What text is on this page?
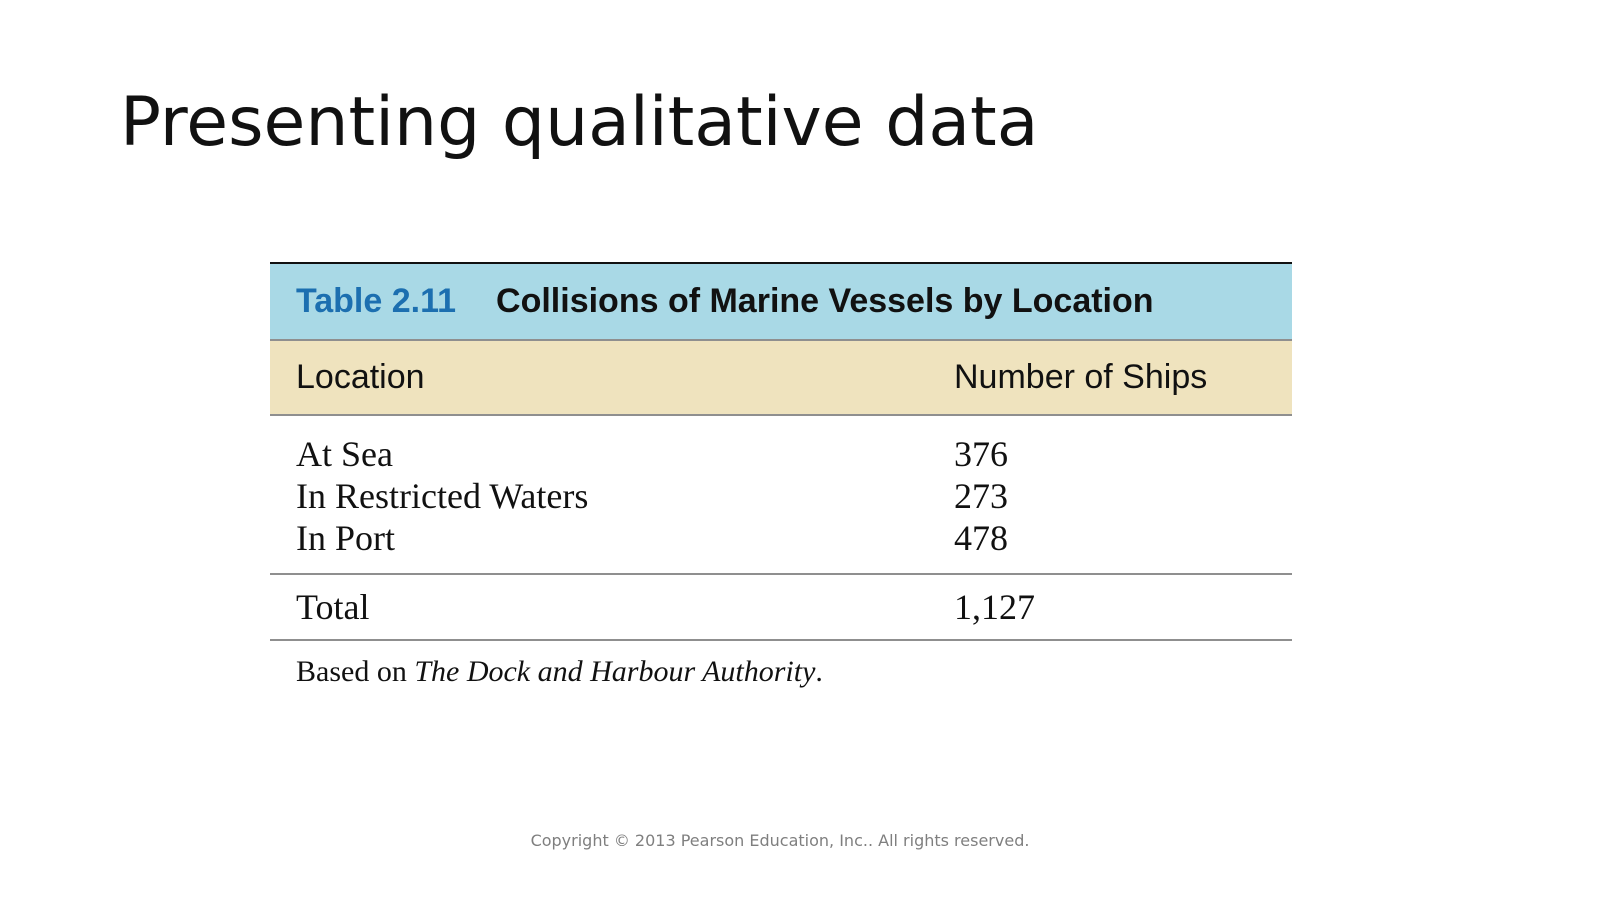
Presenting qualitative data
Table 2.11 Collisions of Marine Vessels by Location
Location	Number of Ships
At Sea	376
In Restricted Waters	273
In Port	478
Total	1,127
Based on The Dock and Harbour Authority.
Copyright © 2013 Pearson Education, Inc.. All rights reserved.
